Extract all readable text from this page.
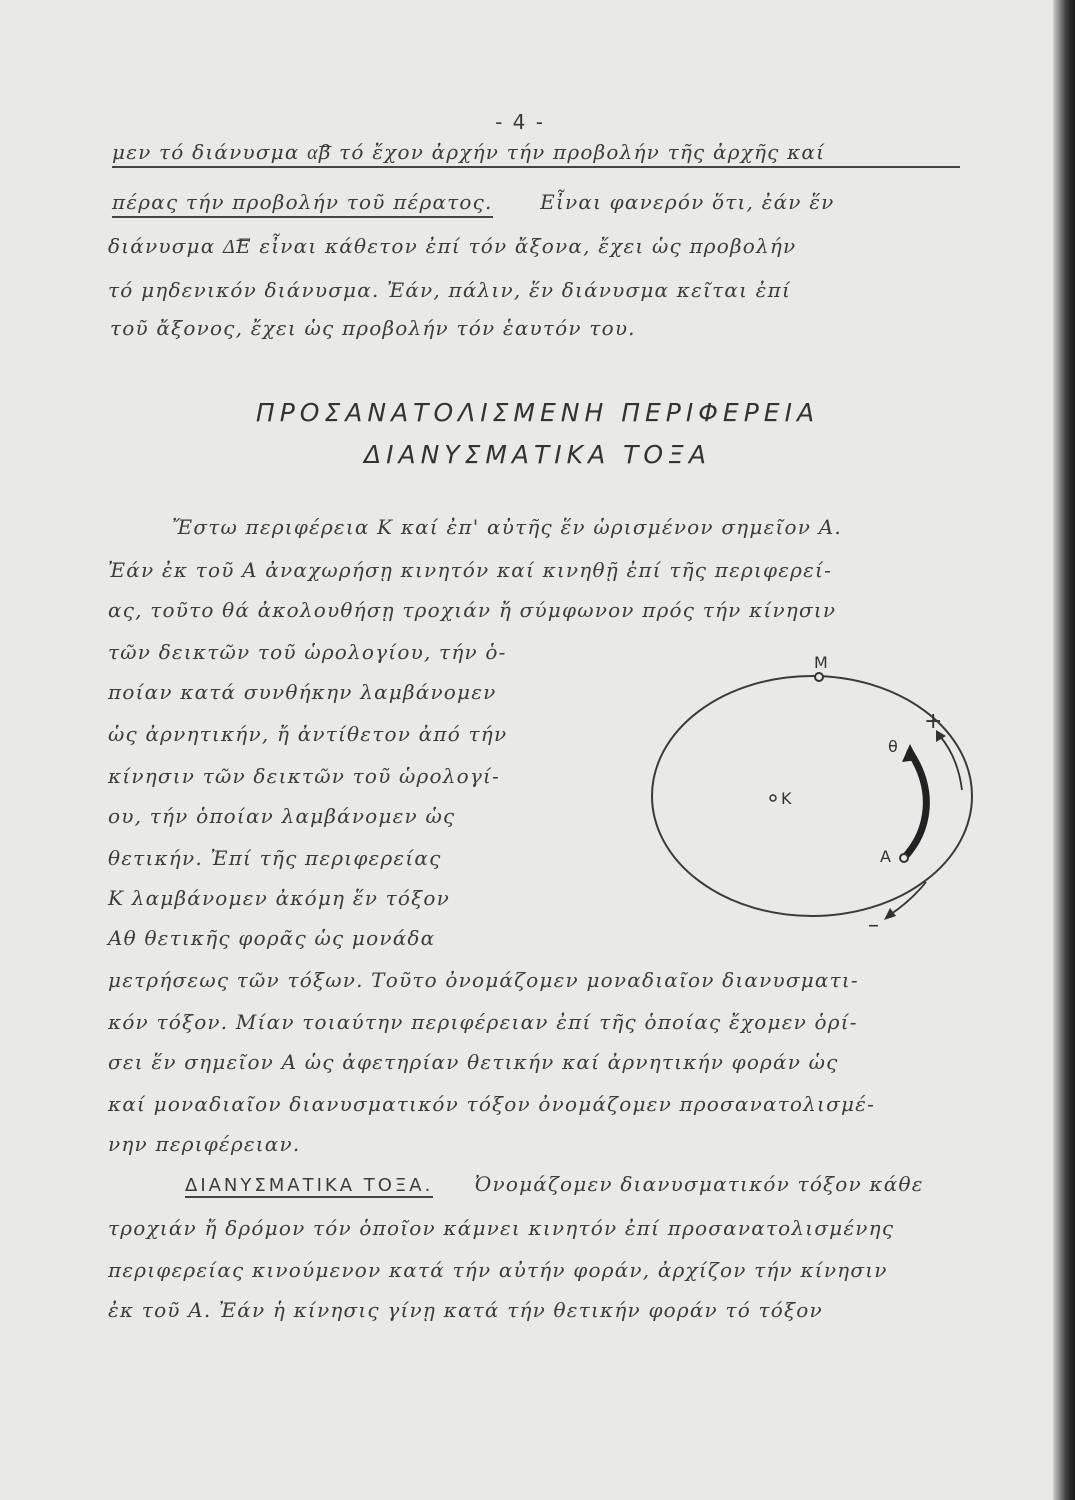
- 4 -
μεν τό διάνυσμα α͞β τό ἔχον ἀρχήν τήν προβολήν τῆς ἀρχῆς καί
πέρας τήν προβολήν τοῦ πέρατος. Εἶναι φανερόν ὅτι, ἐάν ἕν
διάνυσμα Δ͞Ε εἶναι κάθετον ἐπί τόν ἄξονα, ἔχει ὡς προβολήν
τό μηδενικόν διάνυσμα. Ἐάν, πάλιν, ἕν διάνυσμα κεῖται ἐπί
τοῦ ἄξονος, ἔχει ὡς προβολήν τόν ἑαυτόν του.
ΠΡΟΣΑΝΑΤΟΛΙΣΜΕΝΗ ΠΕΡΙΦΕΡΕΙΑ
ΔΙΑΝΥΣΜΑΤΙΚΑ ΤΟΞΑ
Ἔστω περιφέρεια Κ καί ἐπ' αὐτῆς ἕν ὡρισμένον σημεῖον Α.
Ἐάν ἐκ τοῦ Α ἀναχωρήσῃ κινητόν καί κινηθῇ ἐπί τῆς περιφερεί-
ας, τοῦτο θά ἀκολουθήσῃ τροχιάν ἤ σύμφωνον πρός τήν κίνησιν
τῶν δεικτῶν τοῦ ὡρολογίου, τήν ὁ-
ποίαν κατά συνθήκην λαμβάνομεν
ὡς ἀρνητικήν, ἤ ἀντίθετον ἀπό τήν
κίνησιν τῶν δεικτῶν τοῦ ὡρολογί-
ου, τήν ὁποίαν λαμβάνομεν ὡς
θετικήν. Ἐπί τῆς περιφερείας
Κ λαμβάνομεν ἀκόμη ἕν τόξον
Αθ θετικῆς φορᾶς ὡς μονάδα
μετρήσεως τῶν τόξων. Τοῦτο ὀνομάζομεν μοναδιαῖον διανυσματι-
κόν τόξον. Μίαν τοιαύτην περιφέρειαν ἐπί τῆς ὁποίας ἔχομεν ὁρί-
σει ἕν σημεῖον Α ὡς ἀφετηρίαν θετικήν καί ἀρνητικήν φοράν ὡς
καί μοναδιαῖον διανυσματικόν τόξον ὀνομάζομεν προσανατολισμέ-
νην περιφέρειαν.
ΔΙΑΝΥΣΜΑΤΙΚΑ ΤΟΞΑ. Ὀνομάζομεν διανυσματικόν τόξον κάθε
τροχιάν ἤ δρόμον τόν ὁποῖον κάμνει κινητόν ἐπί προσανατολισμένης
περιφερείας κινούμενον κατά τήν αὐτήν φοράν, ἀρχίζον τήν κίνησιν
ἐκ τοῦ Α. Ἐάν ἡ κίνησις γίνῃ κατά τήν θετικήν φοράν τό τόξον
M
K
θ
A
+
–
